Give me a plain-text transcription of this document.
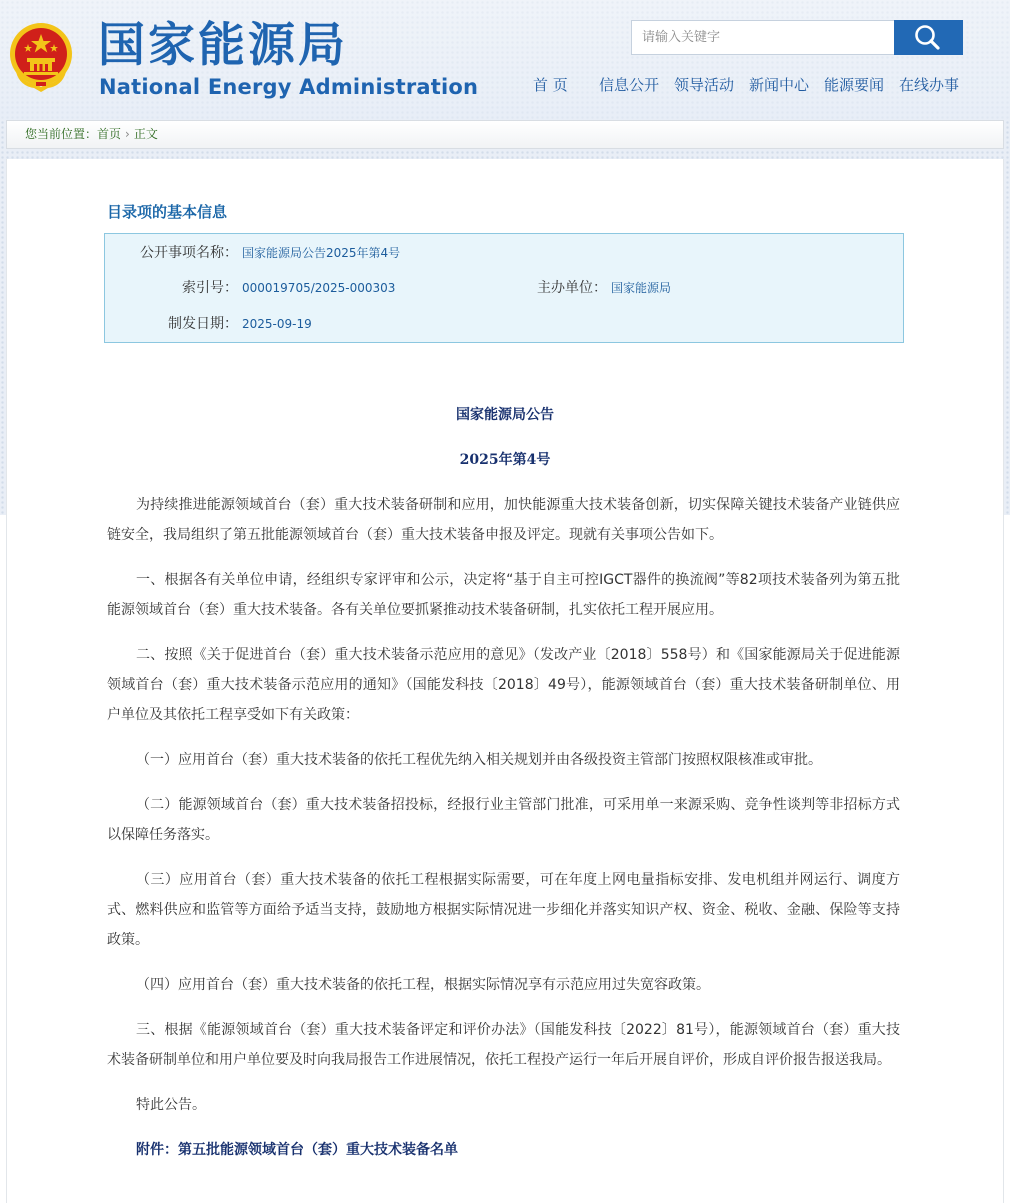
国家能源局
National Energy Administration
请输入关键字
首 页	信息公开 领导活动 新闻中心 能源要闻 在线办事
您当前位置：首页 › 正文
目录项的基本信息
公开事项名称： 国家能源局公告2025年第4号
索引号： 000019705/2025-000303	主办单位： 国家能源局
制发日期： 2025-09-19
国家能源局公告
2025年第4号
为持续推进能源领域首台（套）重大技术装备研制和应用，加快能源重大技术装备创新，切实保障关键技术装备产业链供应链安全，我局组织了第五批能源领域首台（套）重大技术装备申报及评定。现就有关事项公告如下。
一、根据各有关单位申请，经组织专家评审和公示，决定将“基于自主可控IGCT器件的换流阀”等82项技术装备列为第五批能源领域首台（套）重大技术装备。各有关单位要抓紧推动技术装备研制，扎实依托工程开展应用。
二、按照《关于促进首台（套）重大技术装备示范应用的意见》（发改产业〔2018〕558号）和《国家能源局关于促进能源领域首台（套）重大技术装备示范应用的通知》（国能发科技〔2018〕49号），能源领域首台（套）重大技术装备研制单位、用户单位及其依托工程享受如下有关政策：
（一）应用首台（套）重大技术装备的依托工程优先纳入相关规划并由各级投资主管部门按照权限核准或审批。
（二）能源领域首台（套）重大技术装备招投标，经报行业主管部门批准，可采用单一来源采购、竞争性谈判等非招标方式以保障任务落实。
（三）应用首台（套）重大技术装备的依托工程根据实际需要，可在年度上网电量指标安排、发电机组并网运行、调度方式、燃料供应和监管等方面给予适当支持，鼓励地方根据实际情况进一步细化并落实知识产权、资金、税收、金融、保险等支持政策。
（四）应用首台（套）重大技术装备的依托工程，根据实际情况享有示范应用过失宽容政策。
三、根据《能源领域首台（套）重大技术装备评定和评价办法》（国能发科技〔2022〕81号），能源领域首台（套）重大技术装备研制单位和用户单位要及时向我局报告工作进展情况，依托工程投产运行一年后开展自评价，形成自评价报告报送我局。
特此公告。
附件：第五批能源领域首台（套）重大技术装备名单
